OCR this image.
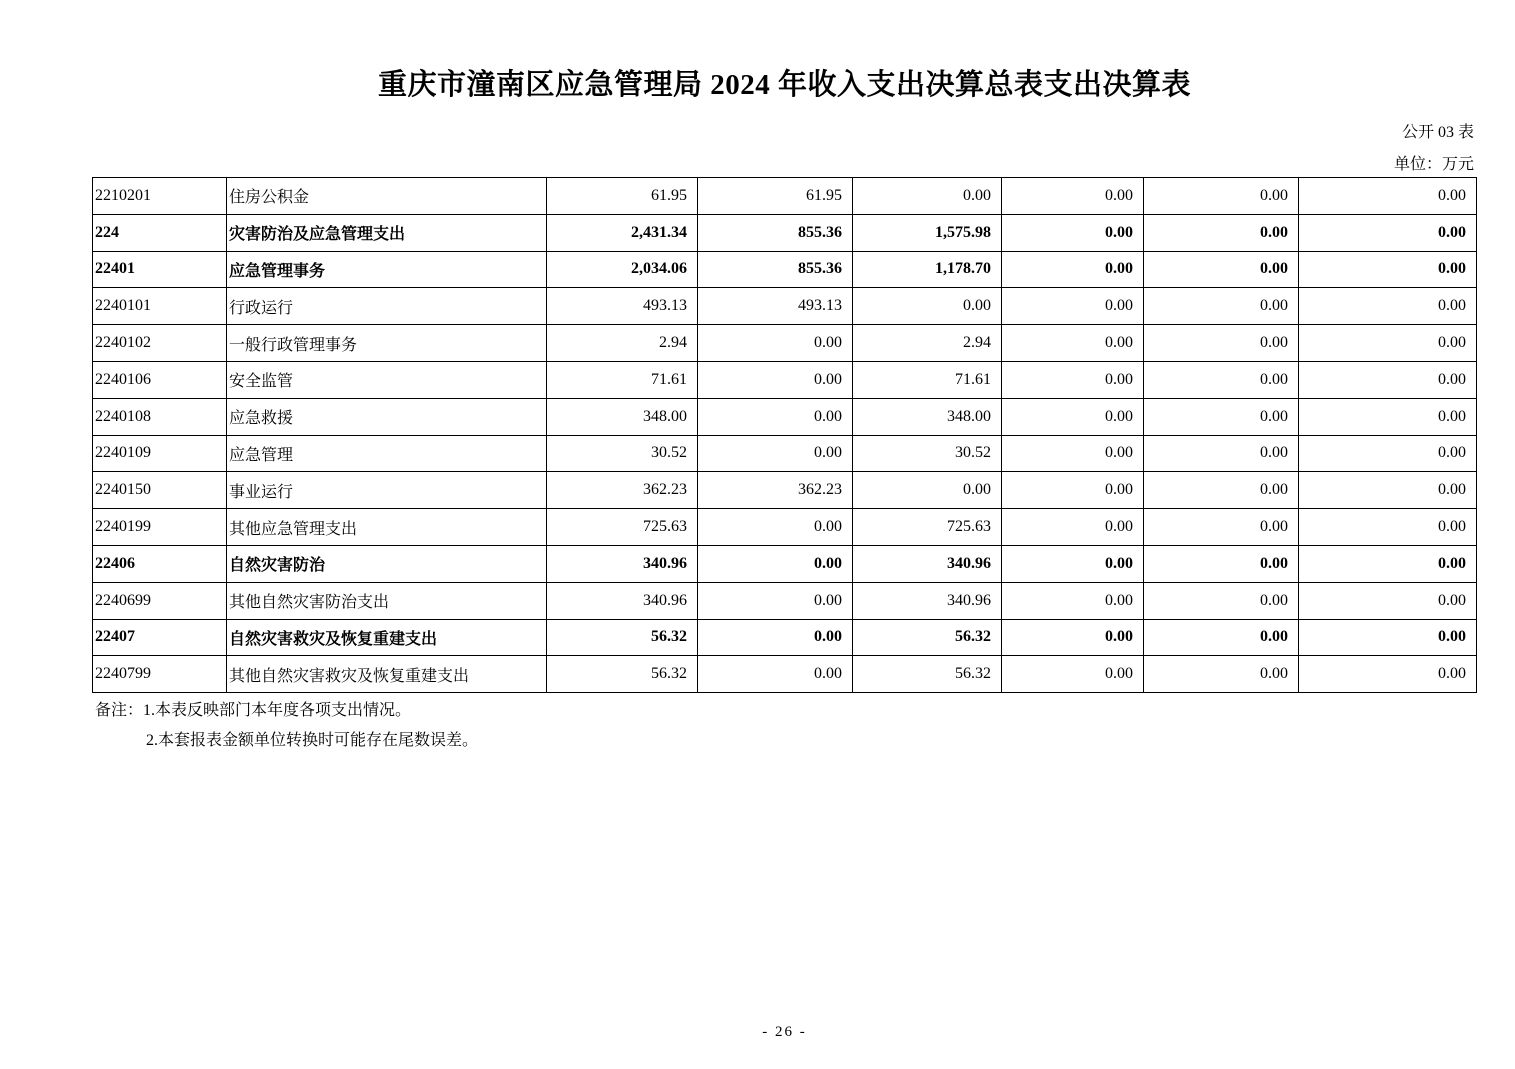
重庆市潼南区应急管理局 2024 年收入支出决算总表支出决算表
公开 03 表
单位：万元
2210201	住房公积金	61.95	61.95	0.00	0.00	0.00	0.00
224	灾害防治及应急管理支出	2,431.34	855.36	1,575.98	0.00	0.00	0.00
22401	应急管理事务	2,034.06	855.36	1,178.70	0.00	0.00	0.00
2240101	行政运行	493.13	493.13	0.00	0.00	0.00	0.00
2240102	一般行政管理事务	2.94	0.00	2.94	0.00	0.00	0.00
2240106	安全监管	71.61	0.00	71.61	0.00	0.00	0.00
2240108	应急救援	348.00	0.00	348.00	0.00	0.00	0.00
2240109	应急管理	30.52	0.00	30.52	0.00	0.00	0.00
2240150	事业运行	362.23	362.23	0.00	0.00	0.00	0.00
2240199	其他应急管理支出	725.63	0.00	725.63	0.00	0.00	0.00
22406	自然灾害防治	340.96	0.00	340.96	0.00	0.00	0.00
2240699	其他自然灾害防治支出	340.96	0.00	340.96	0.00	0.00	0.00
22407	自然灾害救灾及恢复重建支出	56.32	0.00	56.32	0.00	0.00	0.00
2240799	其他自然灾害救灾及恢复重建支出	56.32	0.00	56.32	0.00	0.00	0.00
备注：1.本表反映部门本年度各项支出情况。
2.本套报表金额单位转换时可能存在尾数误差。
- 26 -
